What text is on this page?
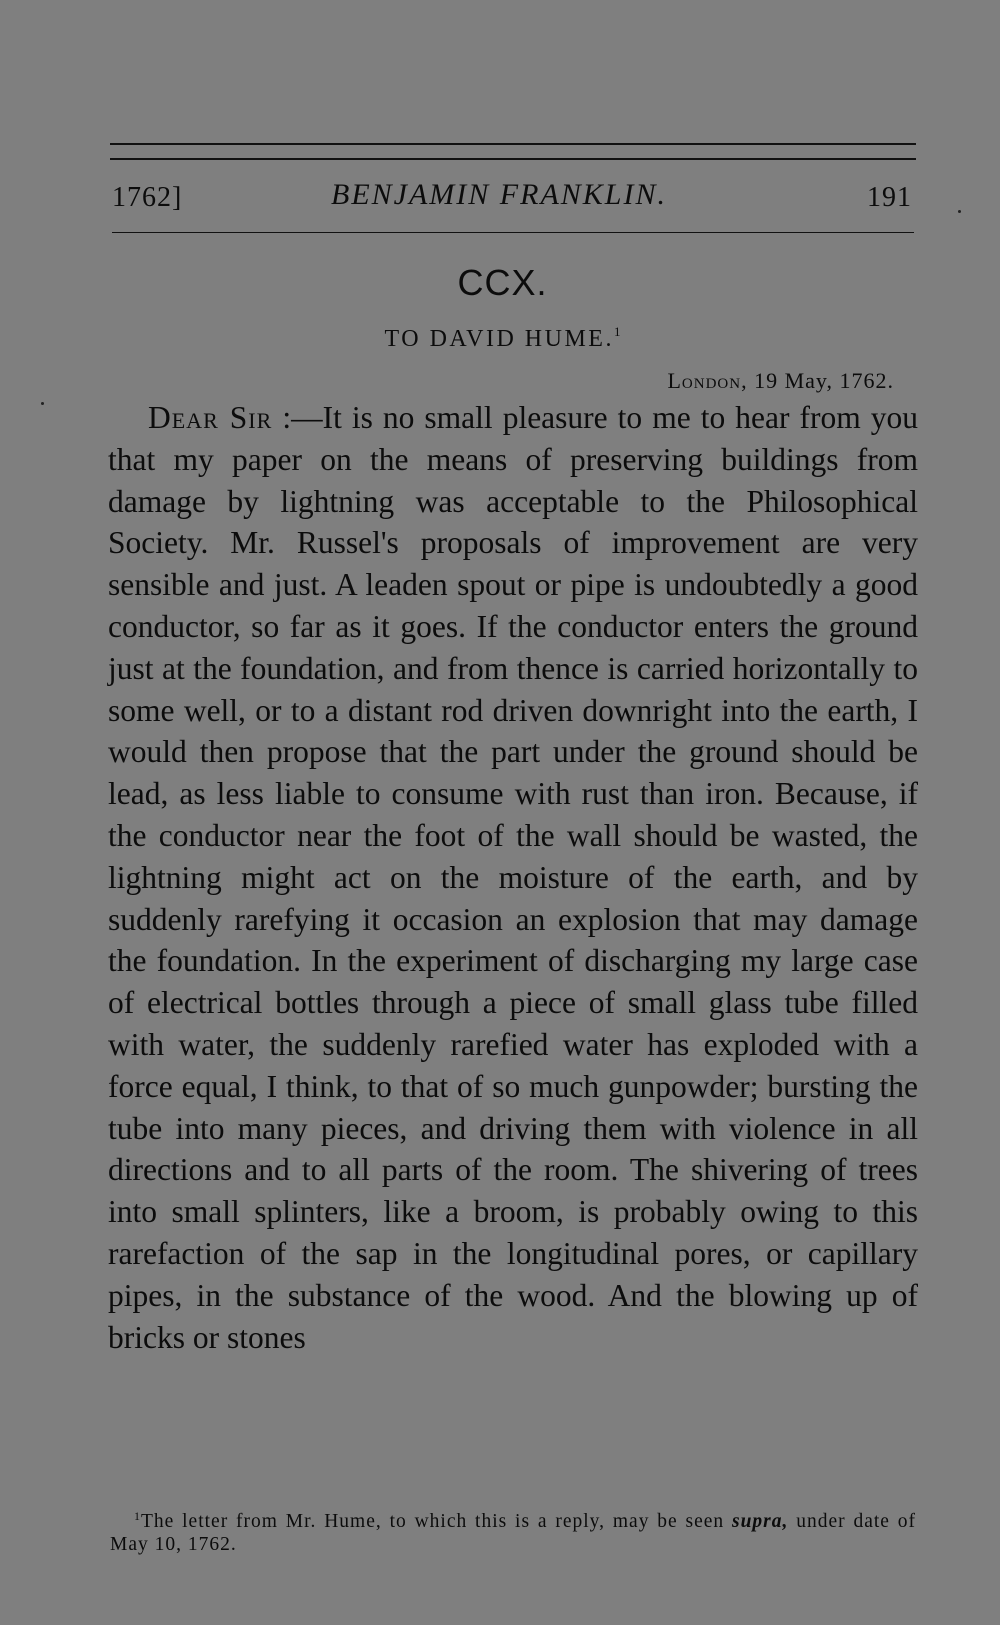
1762]	BENJAMIN FRANKLIN.	191
CCX.
TO DAVID HUME.$^1$
London, 19 May, 1762.

Dear Sir :—It is no small pleasure to me to hear from you that my paper on the means of preserving buildings from damage by lightning was acceptable to the Philosophical Society. Mr. Russel's proposals of improvement are very sensible and just. A leaden spout or pipe is undoubtedly a good conductor, so far as it goes. If the conductor enters the ground just at the foundation, and from thence is carried horizontally to some well, or to a distant rod driven downright into the earth, I would then propose that the part under the ground should be lead, as less liable to consume with rust than iron. Because, if the conductor near the foot of the wall should be wasted, the lightning might act on the moisture of the earth, and by suddenly rarefying it occasion an explosion that may damage the foundation. In the experiment of discharging my large case of electrical bottles through a piece of small glass tube filled with water, the suddenly rarefied water has exploded with a force equal, I think, to that of so much gunpowder; bursting the tube into many pieces, and driving them with violence in all directions and to all parts of the room. The shivering of trees into small splinters, like a broom, is probably owing to this rarefaction of the sap in the longitudinal pores, or capillary pipes, in the substance of the wood. And the blowing up of bricks or stones

$^1$The letter from Mr. Hume, to which this is a reply, may be seen supra, under date of May 10, 1762.
